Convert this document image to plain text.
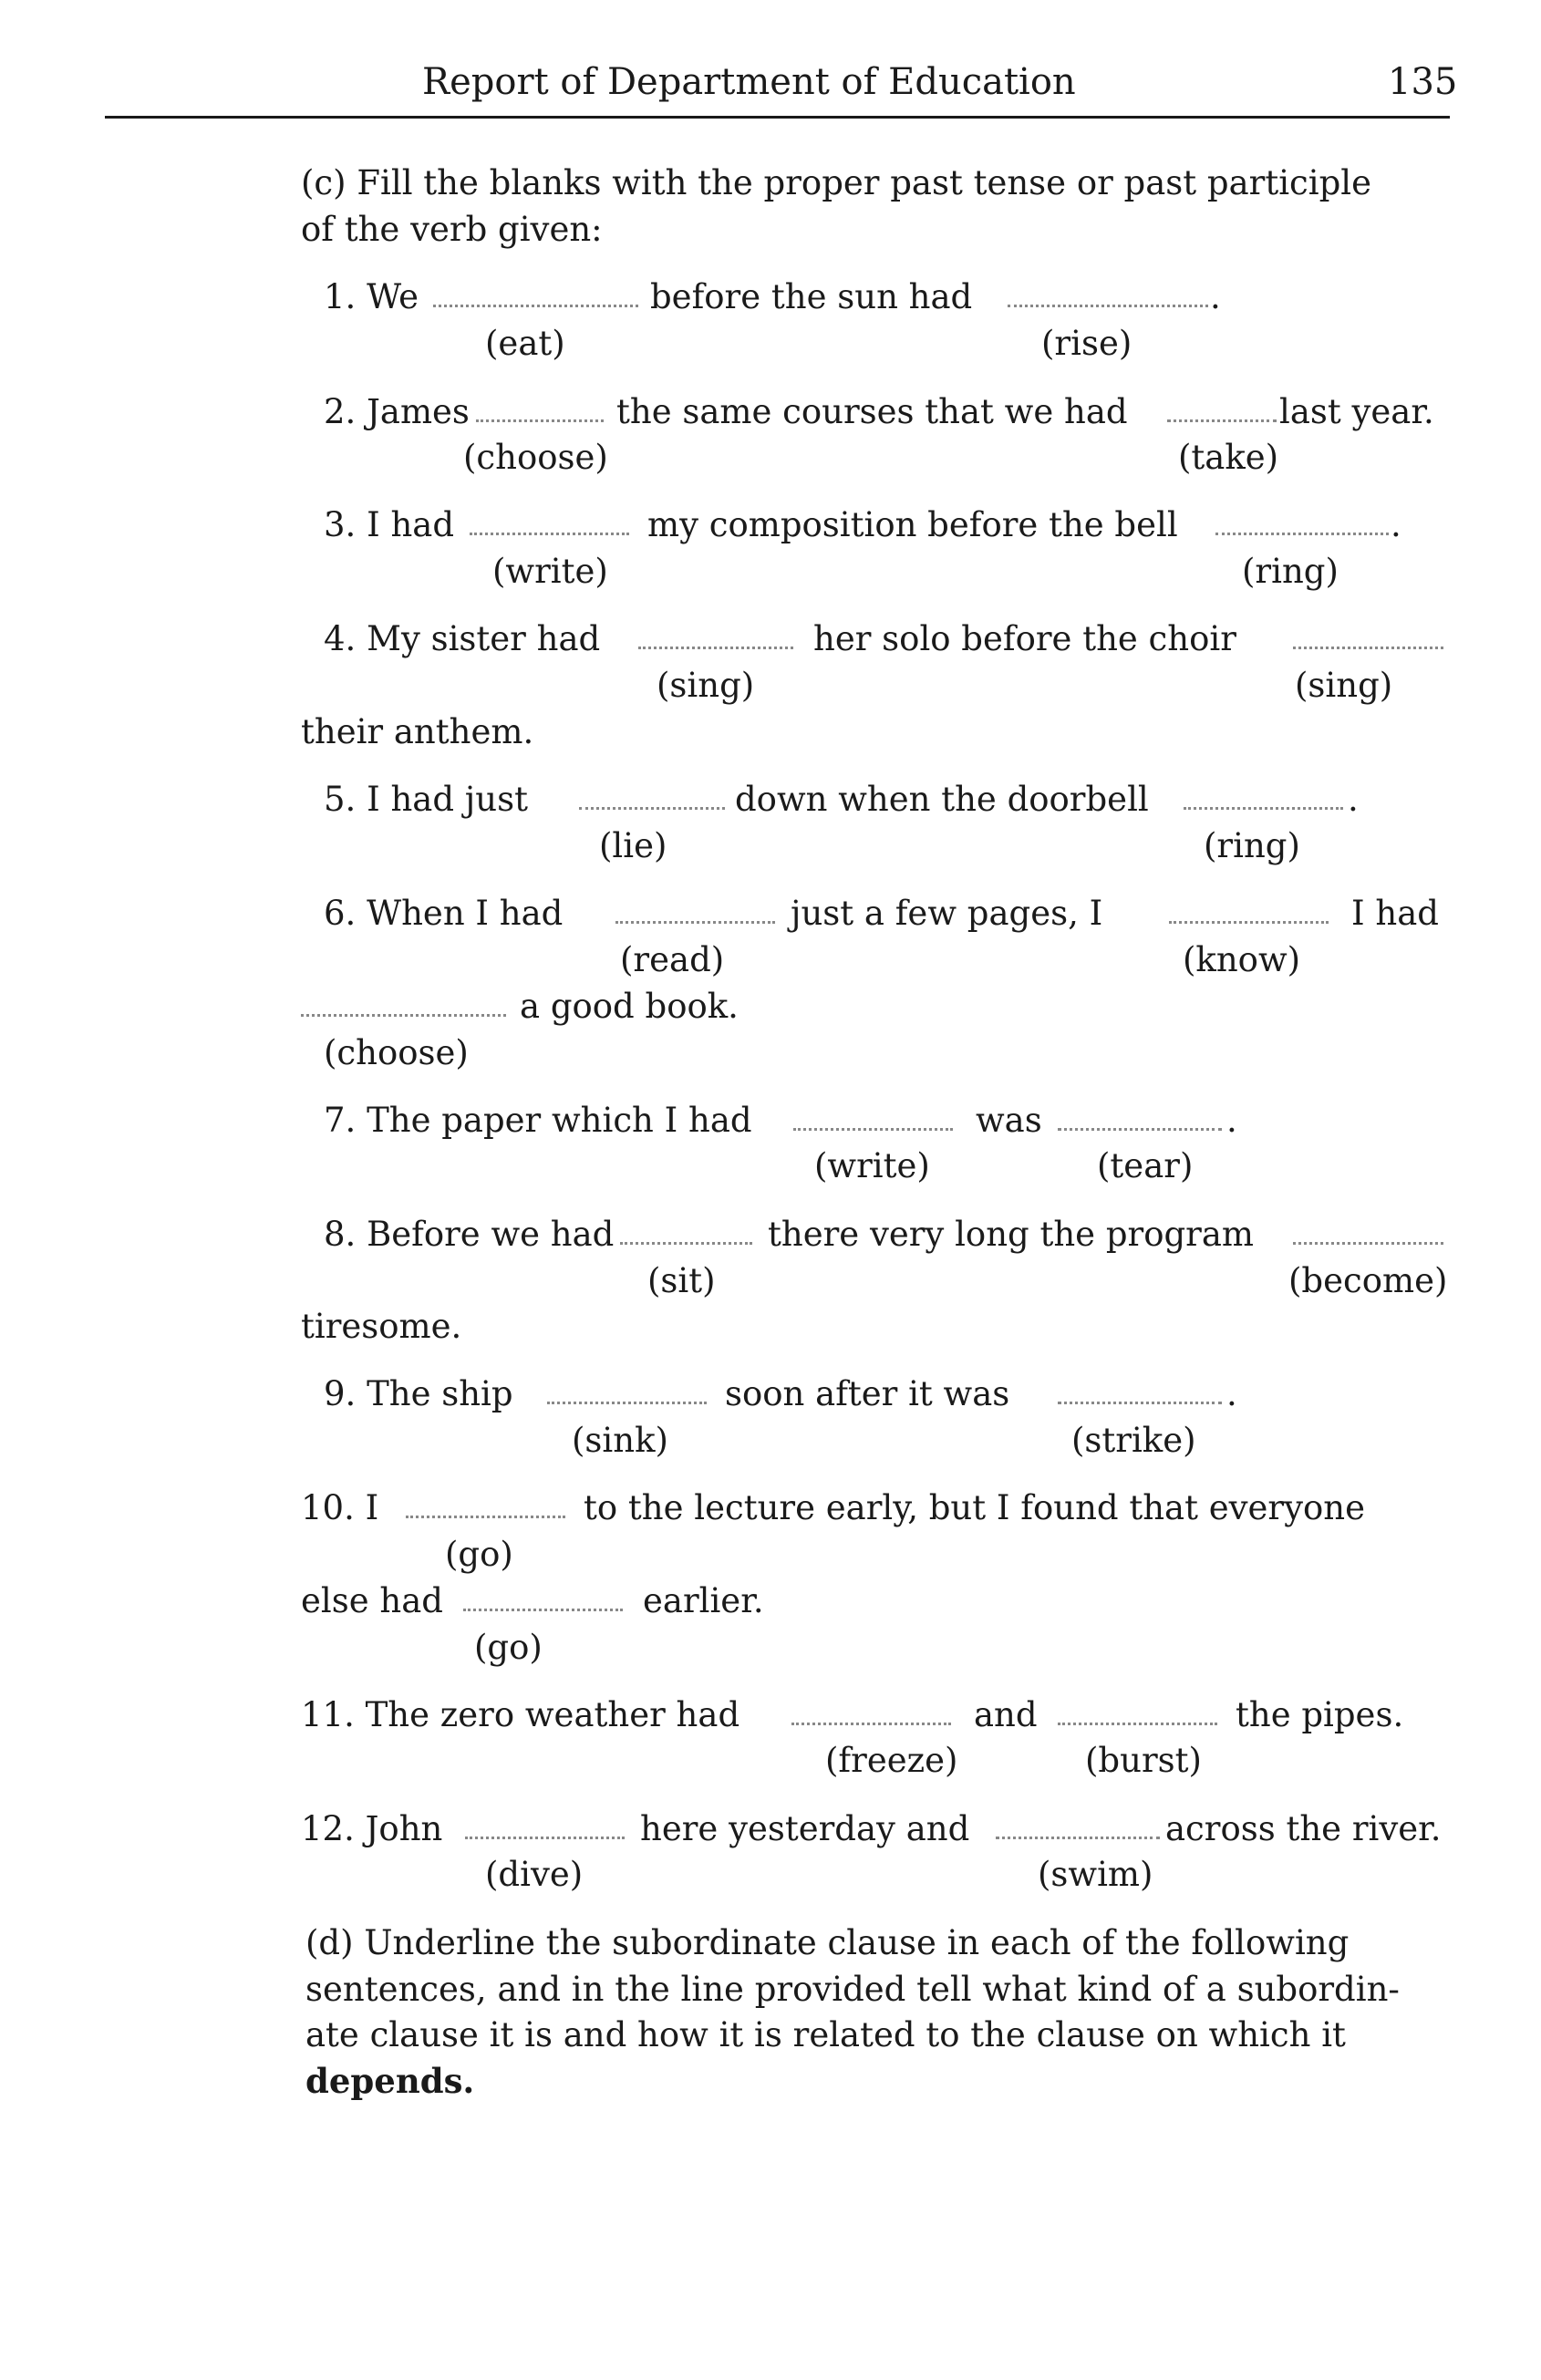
Report of Department of Education	135
(c) Fill the blanks with the proper past tense or past participle
of the verb given:
1. We	before the sun had	.
(eat)	(rise)
2. James	the same courses that we had	last year.
(choose)	(take)
3. I had	my composition before the bell	.
(write)	(ring)
4. My sister had	her solo before the choir
(sing)	(sing)
their anthem.
5. I had just	down when the doorbell	.
(lie)	(ring)
6. When I had	just a few pages, I	I had
(read)	(know)
a good book.
(choose)
7. The paper which I had	was	.
(write)	(tear)
8. Before we had	there very long the program
(sit)	(become)
tiresome.
9. The ship	soon after it was	.
(sink)	(strike)
10. I	to the lecture early, but I found that everyone
(go)
else had	earlier.
(go)
11. The zero weather had	and	the pipes.
(freeze)	(burst)
12. John	here yesterday and	across the river.
(dive)	(swim)
(d) Underline the subordinate clause in each of the following
sentences, and in the line provided tell what kind of a subordin-
ate clause it is and how it is related to the clause on which it
depends.
